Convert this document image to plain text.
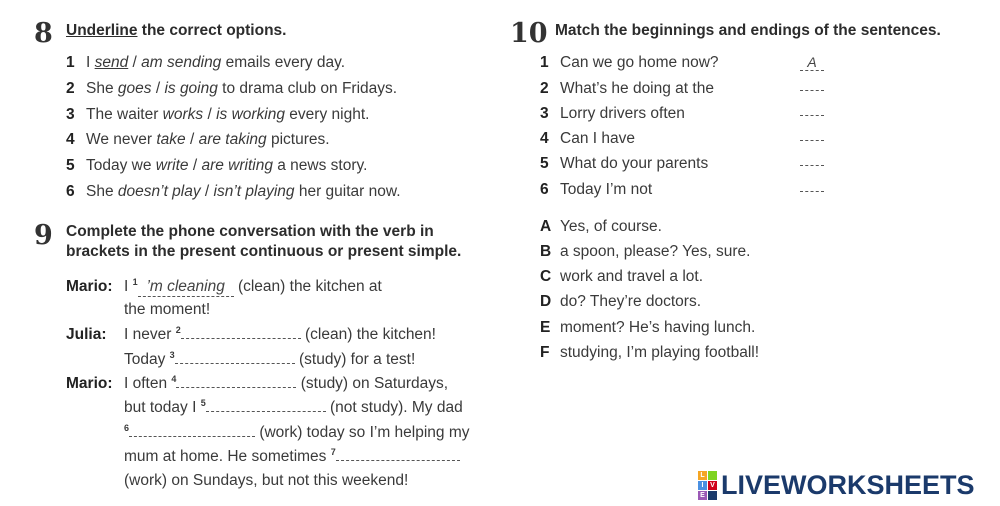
8 Underline the correct options.
1 I send / am sending emails every day.
2 She goes / is going to drama club on Fridays.
3 The waiter works / is working every night.
4 We never take / are taking pictures.
5 Today we write / are writing a news story.
6 She doesn’t play / isn’t playing her guitar now.
9 Complete the phone conversation with the verb in
brackets in the present continuous or present simple.
Mario: I $^1$ ’m cleaning (clean) the kitchen at
the moment!
Julia: I never $^2$	(clean) the kitchen!
Today $^3$	(study) for a test!
Mario: I often $^4$	(study) on Saturdays,
but today I $^5$	(not study). My dad
$^6$	(work) today so I’m helping my
mum at home. He sometimes $^7$
(work) on Sundays, but not this weekend!
10 Match the beginnings and endings of the sentences.
1 Can we go home now?	A
2 What’s he doing at the
3 Lorry drivers often
4 Can I have
5 What do your parents
6 Today I’m not
A Yes, of course.
B a spoon, please? Yes, sure.
C work and travel a lot.
D do? They’re doctors.
E moment? He’s having lunch.
F studying, I’m playing football!
L
I V
E LIVEWORKSHEETS
